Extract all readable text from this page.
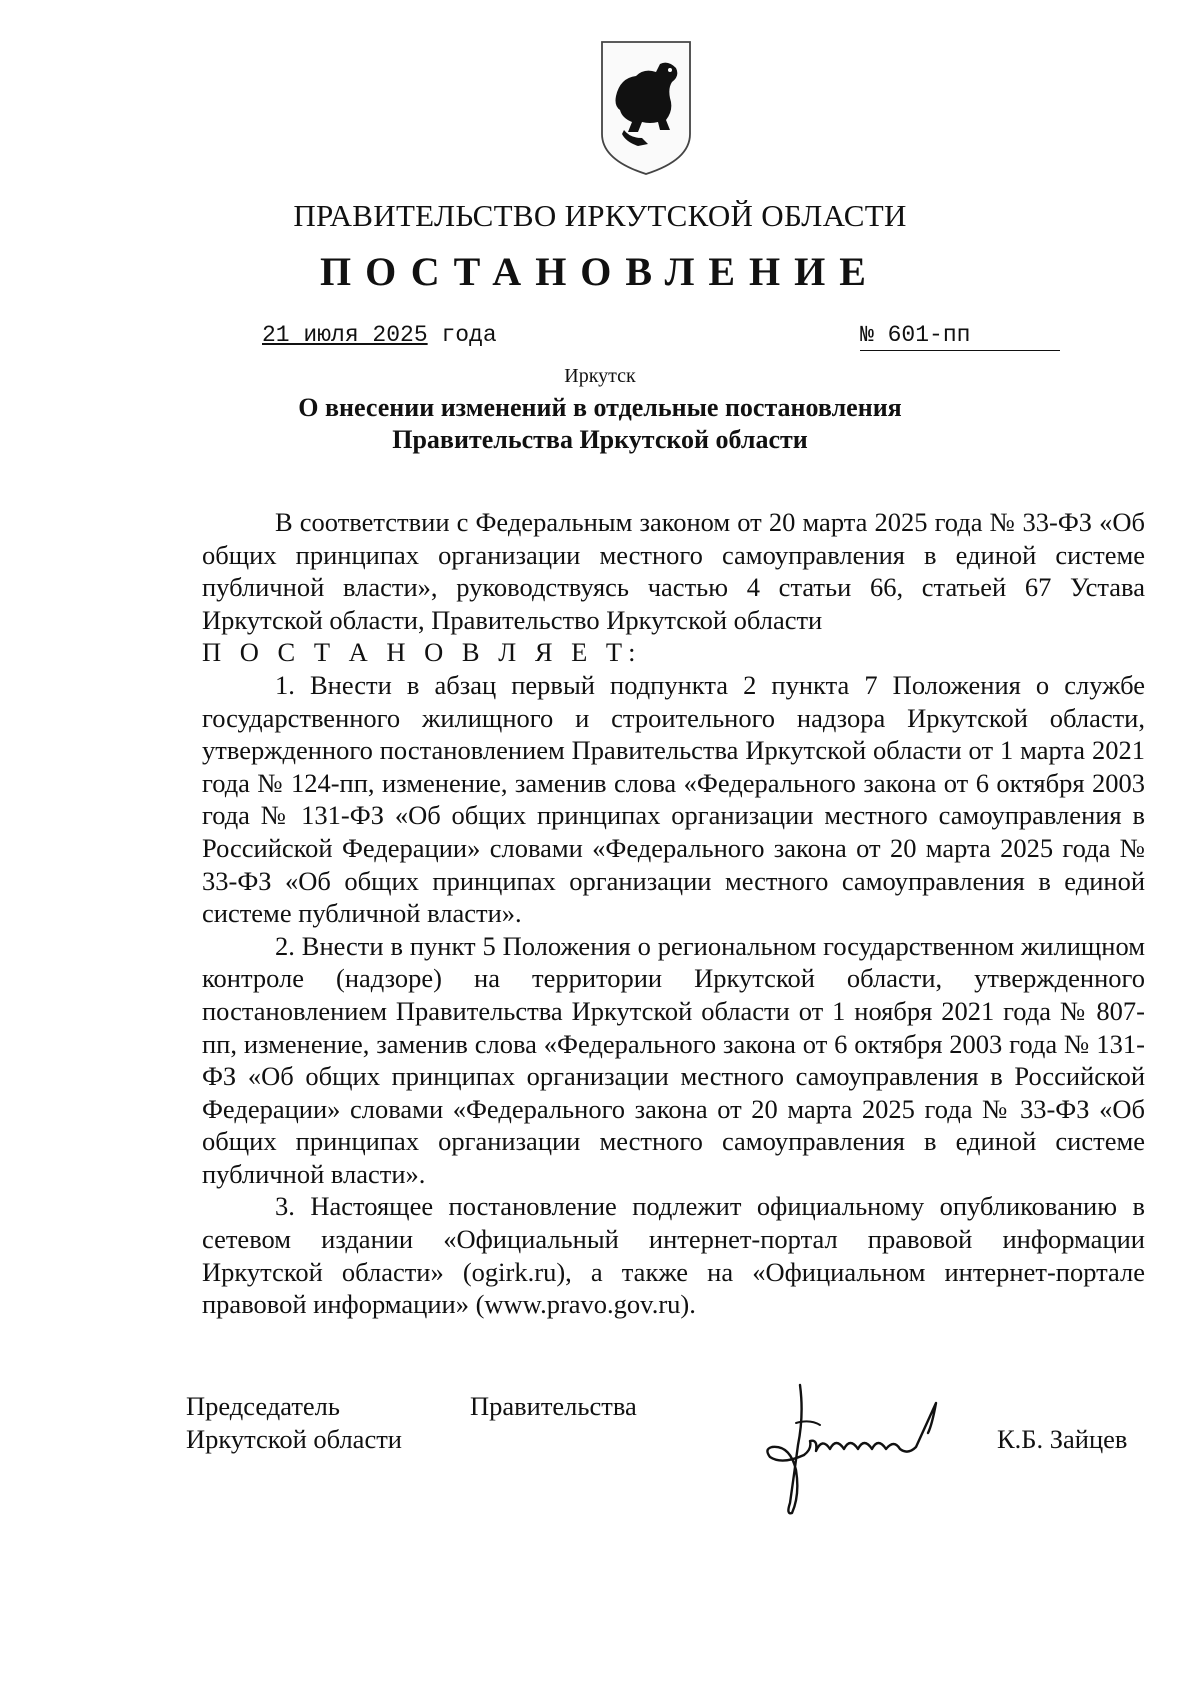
ПРАВИТЕЛЬСТВО ИРКУТСКОЙ ОБЛАСТИ
ПОСТАНОВЛЕНИЕ
21 июля 2025 года	№ 601-пп
Иркутск
О внесении изменений в отдельные постановления
Правительства Иркутской области

В соответствии с Федеральным законом от 20 марта 2025 года № 33-ФЗ «Об общих принципах организации местного самоуправления в единой системе публичной власти», руководствуясь частью 4 статьи 66, статьей 67 Устава Иркутской области, Правительство Иркутской области

П О С Т А Н О В Л Я Е Т:

1. Внести в абзац первый подпункта 2 пункта 7 Положения о службе государственного жилищного и строительного надзора Иркутской области, утвержденного постановлением Правительства Иркутской области от 1 марта 2021 года № 124-пп, изменение, заменив слова «Федерального закона от 6 октября 2003 года № 131-ФЗ «Об общих принципах организации местного самоуправления в Российской Федерации» словами «Федерального закона от 20 марта 2025 года № 33-ФЗ «Об общих принципах организации местного самоуправления в единой системе публичной власти».

2. Внести в пункт 5 Положения о региональном государственном жилищном контроле (надзоре) на территории Иркутской области, утвержденного постановлением Правительства Иркутской области от 1 ноября 2021 года № 807-пп, изменение, заменив слова «Федерального закона от 6 октября 2003 года № 131-ФЗ «Об общих принципах организации местного самоуправления в Российской Федерации» словами «Федерального закона от 20 марта 2025 года № 33-ФЗ «Об общих принципах организации местного самоуправления в единой системе публичной власти».

3. Настоящее постановление подлежит официальному опубликованию в сетевом издании «Официальный интернет-портал правовой информации Иркутской области» (ogirk.ru), а также на «Официальном интернет-портале правовой информации» (www.pravo.gov.ru).

Председатель
Иркутской области
Правительства
К.Б. Зайцев
